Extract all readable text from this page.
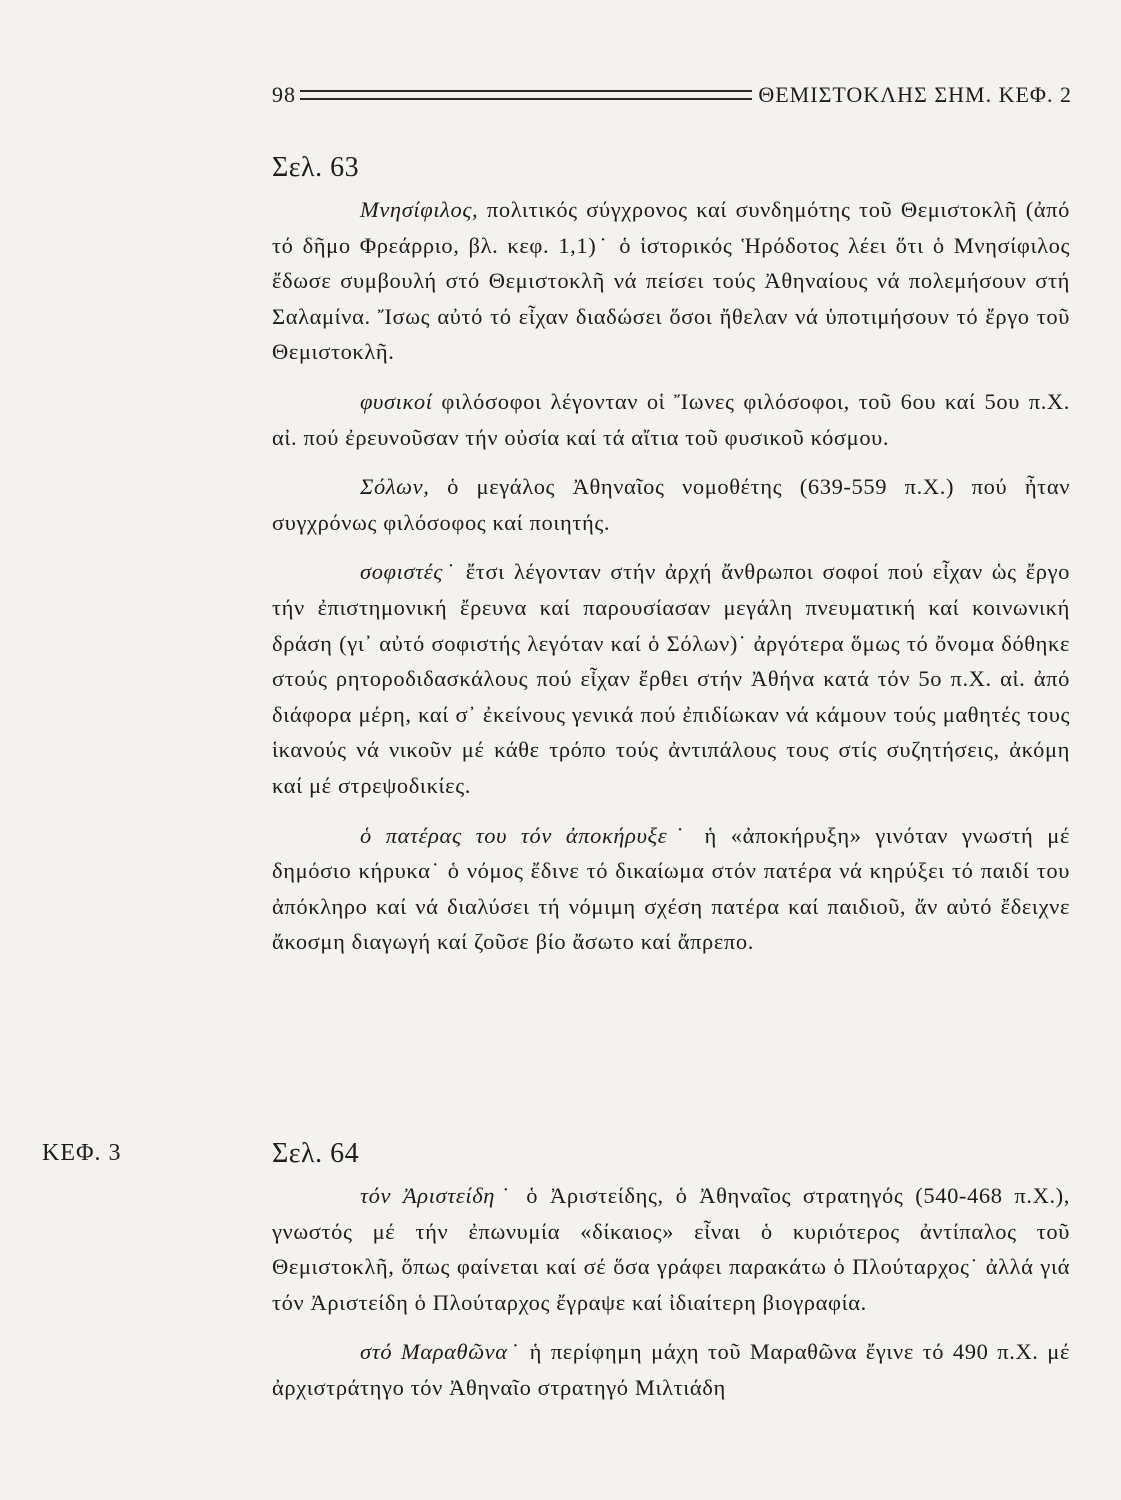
98	ΘΕΜΙΣΤΟΚΛΗΣ ΣΗΜ. ΚΕΦ. 2
Σελ. 63

Μνησίφιλος, πολιτικός σύγχρονος καί συνδημότης τοῦ Θεμιστοκλῆ (ἀπό τό δῆμο Φρεάρριο, βλ. κεφ. 1,1)˙ ὁ ἱστορικός Ἡρόδοτος λέει ὅτι ὁ Μνησίφιλος ἔδωσε συμβουλή στό Θεμιστοκλῆ νά πείσει τούς Ἀθηναίους νά πολεμήσουν στή Σαλαμίνα. Ἴσως αὐτό τό εἶχαν διαδώσει ὅσοι ἤθελαν νά ὑποτιμήσουν τό ἔργο τοῦ Θεμιστοκλῆ.

φυσικοί φιλόσοφοι λέγονταν οἱ Ἴωνες φιλόσοφοι, τοῦ 6ου καί 5ου π.Χ. αἰ. πού ἐρευνοῦσαν τήν οὐσία καί τά αἴτια τοῦ φυσικοῦ κόσμου.

Σόλων, ὁ μεγάλος Ἀθηναῖος νομοθέτης (639-559 π.Χ.) πού ἦταν συγχρόνως φιλόσοφος καί ποιητής.

σοφιστές˙ ἔτσι λέγονταν στήν ἀρχή ἄνθρωποι σοφοί πού εἶχαν ὡς ἔργο τήν ἐπιστημονική ἔρευνα καί παρουσίασαν μεγάλη πνευματική καί κοινωνική δράση (γι᾽ αὐτό σοφιστής λεγόταν καί ὁ Σόλων)˙ ἀργότερα ὅμως τό ὄνομα δόθηκε στούς ρητοροδιδασκάλους πού εἶχαν ἔρθει στήν Ἀθήνα κατά τόν 5ο π.Χ. αἰ. ἀπό διάφορα μέρη, καί σ᾽ ἐκείνους γενικά πού ἐπιδίωκαν νά κάμουν τούς μαθητές τους ἱκανούς νά νικοῦν μέ κάθε τρόπο τούς ἀντιπάλους τους στίς συζητήσεις, ἀκόμη καί μέ στρεψοδικίες.

ὁ πατέρας του τόν ἀποκήρυξε˙ ἡ «ἀποκήρυξη» γινόταν γνωστή μέ δημόσιο κήρυκα˙ ὁ νόμος ἔδινε τό δικαίωμα στόν πατέρα νά κηρύξει τό παιδί του ἀπόκληρο καί νά διαλύσει τή νόμιμη σχέση πατέρα καί παιδιοῦ, ἄν αὐτό ἔδειχνε ἄκοσμη διαγωγή καί ζοῦσε βίο ἄσωτο καί ἄπρεπο.

ΚΕΦ. 3	Σελ. 64

τόν Ἀριστείδη˙ ὁ Ἀριστείδης, ὁ Ἀθηναῖος στρατηγός (540-468 π.Χ.), γνωστός μέ τήν ἐπωνυμία «δίκαιος» εἶναι ὁ κυριότερος ἀντίπαλος τοῦ Θεμιστοκλῆ, ὅπως φαίνεται καί σέ ὅσα γράφει παρακάτω ὁ Πλούταρχος˙ ἀλλά γιά τόν Ἀριστείδη ὁ Πλούταρχος ἔγραψε καί ἰδιαίτερη βιογραφία.

στό Μαραθῶνα˙ ἡ περίφημη μάχη τοῦ Μαραθῶνα ἔγινε τό 490 π.Χ. μέ ἀρχιστράτηγο τόν Ἀθηναῖο στρατηγό Μιλτιάδη
